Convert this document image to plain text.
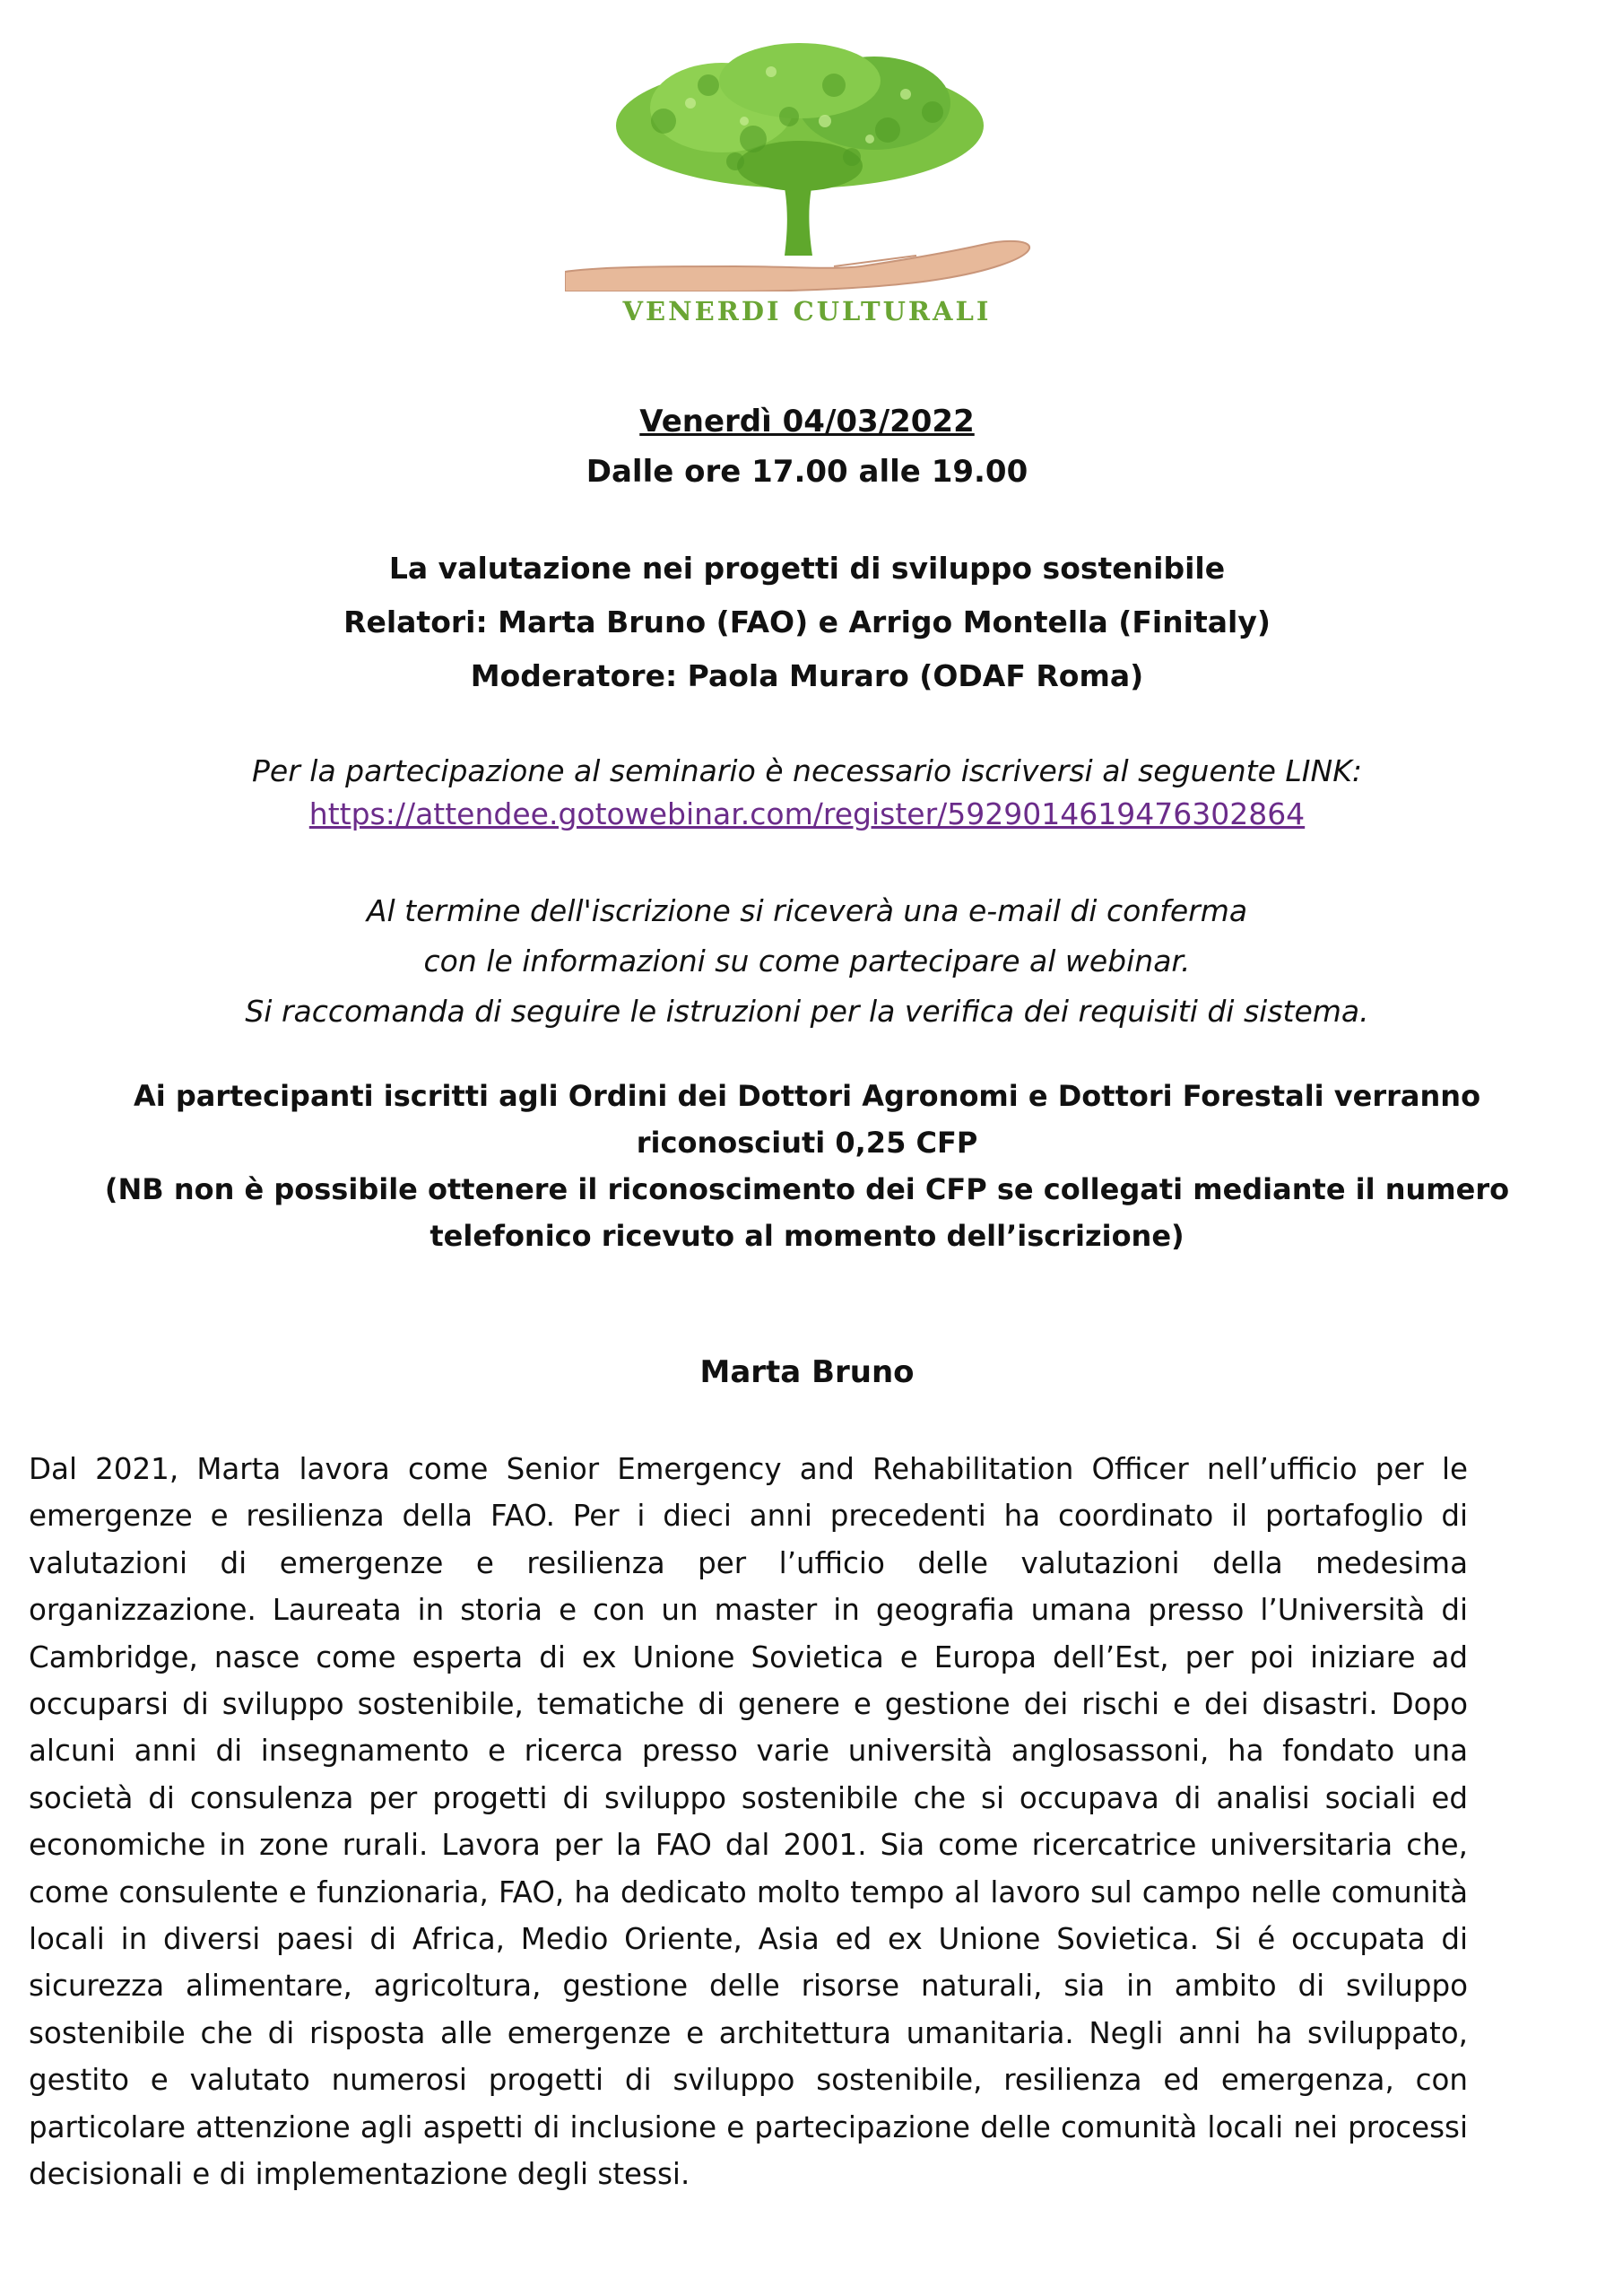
VENERDI CULTURALI
Venerdì 04/03/2022
Dalle ore 17.00 alle 19.00
La valutazione nei progetti di sviluppo sostenibile
Relatori: Marta Bruno (FAO) e Arrigo Montella (Finitaly)
Moderatore: Paola Muraro (ODAF Roma)
Per la partecipazione al seminario è necessario iscriversi al seguente LINK:
https://attendee.gotowebinar.com/register/5929014619476302864
Al termine dell'iscrizione si riceverà una e-mail di conferma
con le informazioni su come partecipare al webinar.
Si raccomanda di seguire le istruzioni per la verifica dei requisiti di sistema.
Ai partecipanti iscritti agli Ordini dei Dottori Agronomi e Dottori Forestali verranno
riconosciuti 0,25 CFP
(NB non è possibile ottenere il riconoscimento dei CFP se collegati mediante il numero
telefonico ricevuto al momento dell’iscrizione)
Marta Bruno
Dal 2021, Marta lavora come Senior Emergency and Rehabilitation Officer nell’ufficio per le emergenze e resilienza della FAO. Per i dieci anni precedenti ha coordinato il portafoglio di valutazioni di emergenze e resilienza per l’ufficio delle valutazioni della medesima organizzazione. Laureata in storia e con un master in geografia umana presso l’Università di Cambridge, nasce come esperta di ex Unione Sovietica e Europa dell’Est, per poi iniziare ad occuparsi di sviluppo sostenibile, tematiche di genere e gestione dei rischi e dei disastri. Dopo alcuni anni di insegnamento e ricerca presso varie università anglosassoni, ha fondato una società di consulenza per progetti di sviluppo sostenibile che si occupava di analisi sociali ed economiche in zone rurali. Lavora per la FAO dal 2001. Sia come ricercatrice universitaria che, come consulente e funzionaria, FAO, ha dedicato molto tempo al lavoro sul campo nelle comunità locali in diversi paesi di Africa, Medio Oriente, Asia ed ex Unione Sovietica. Si é occupata di sicurezza alimentare, agricoltura, gestione delle risorse naturali, sia in ambito di sviluppo sostenibile che di risposta alle emergenze e architettura umanitaria. Negli anni ha sviluppato, gestito e valutato numerosi progetti di sviluppo sostenibile, resilienza ed emergenza, con particolare attenzione agli aspetti di inclusione e partecipazione delle comunità locali nei processi decisionali e di implementazione degli stessi.
